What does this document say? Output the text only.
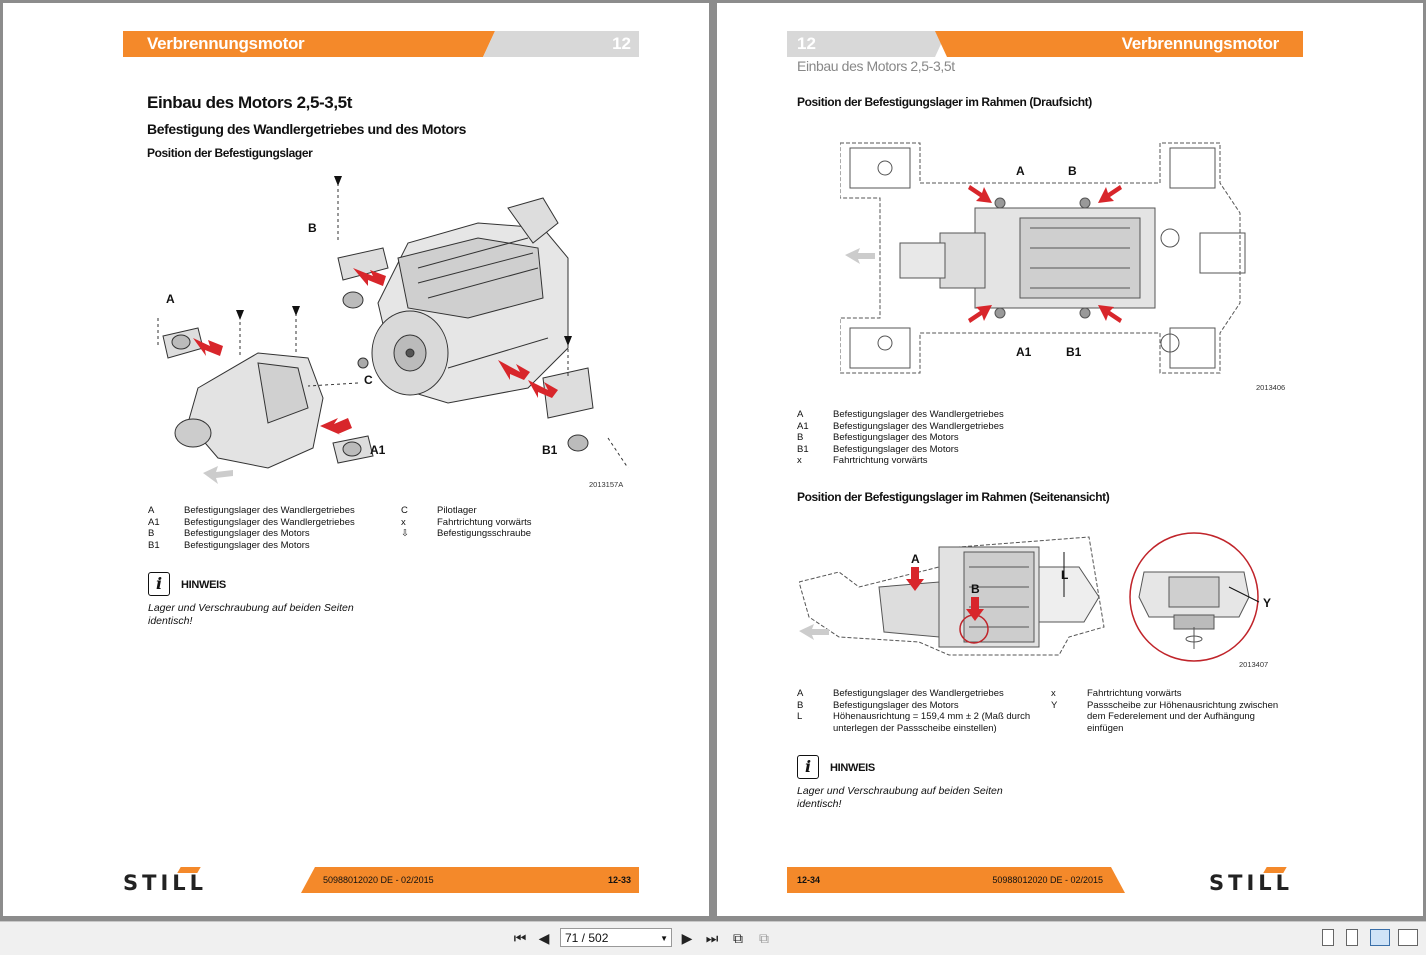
Verbrennungsmotor	12
Einbau des Motors 2,5-3,5t
Befestigung des Wandlergetriebes und des Motors
Position der Befestigungslager
B
A
C
A1	B1
2013157A
A	Befestigungslager des Wandlergetriebes
A1	Befestigungslager des Wandlergetriebes
B	Befestigungslager des Motors
B1	Befestigungslager des Motors
C	Pilotlager
x	Fahrtrichtung vorwärts
⇩	Befestigungsschraube
i	HINWEIS
Lager und Verschraubung auf beiden Seiten identisch!
STILL	50988012020 DE - 02/2015	12-33
12	Verbrennungsmotor
Einbau des Motors 2,5-3,5t
Position der Befestigungslager im Rahmen (Draufsicht)
A	B
A1	B1
2013406
A	Befestigungslager des Wandlergetriebes
A1	Befestigungslager des Wandlergetriebes
B	Befestigungslager des Motors
B1	Befestigungslager des Motors
x	Fahrtrichtung vorwärts
Position der Befestigungslager im Rahmen (Seitenansicht)
A
B
L
Y
2013407
A	Befestigungslager des Wandlergetriebes
B	Befestigungslager des Motors
L	Höhenausrichtung = 159,4 mm ± 2 (Maß durch unterlegen der Passscheibe einstellen)
x	Fahrtrichtung vorwärts
Y	Passscheibe zur Höhenausrichtung zwischen dem Federelement und der Aufhängung einfügen
i	HINWEIS
Lager und Verschraubung auf beiden Seiten identisch!
12-34	50988012020 DE - 02/2015	STILL
⏮ ◀	71 / 502	▼ ▶ ⏭	⧉	⧉
